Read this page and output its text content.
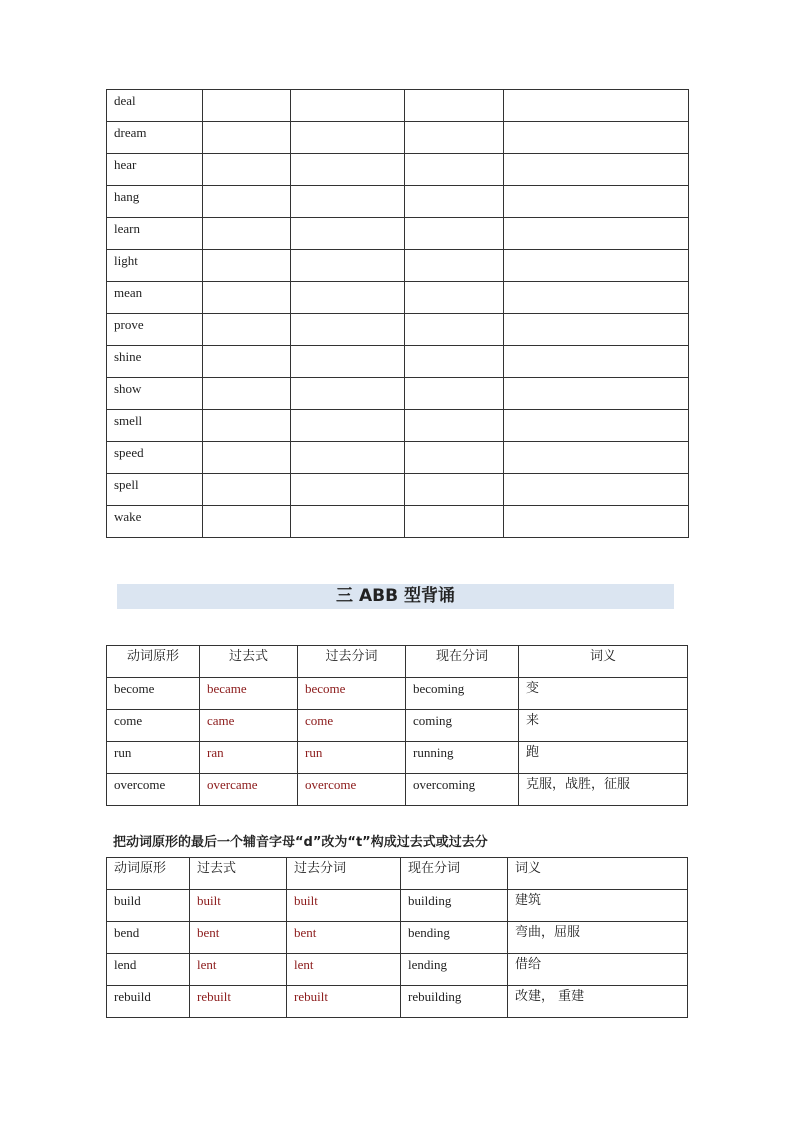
deal				
dream				
hear				
hang				
learn				
light				
mean				
prove				
shine				
show				
smell				
speed				
spell				
wake				
三 ABB 型背诵
动词原形	过去式	过去分词	现在分词	词义
become	became	become	becoming	变
come	came	come	coming	来
run	ran	run	running	跑
overcome	overcame	overcome	overcoming	克服，战胜，征服
把动词原形的最后一个辅音字母“d”改为“t”构成过去式或过去分
动词原形	过去式	过去分词	现在分词	词义
build	built	built	building	建筑
bend	bent	bent	bending	弯曲，屈服
lend	lent	lent	lending	借给
rebuild	rebuilt	rebuilt	rebuilding	改建， 重建
